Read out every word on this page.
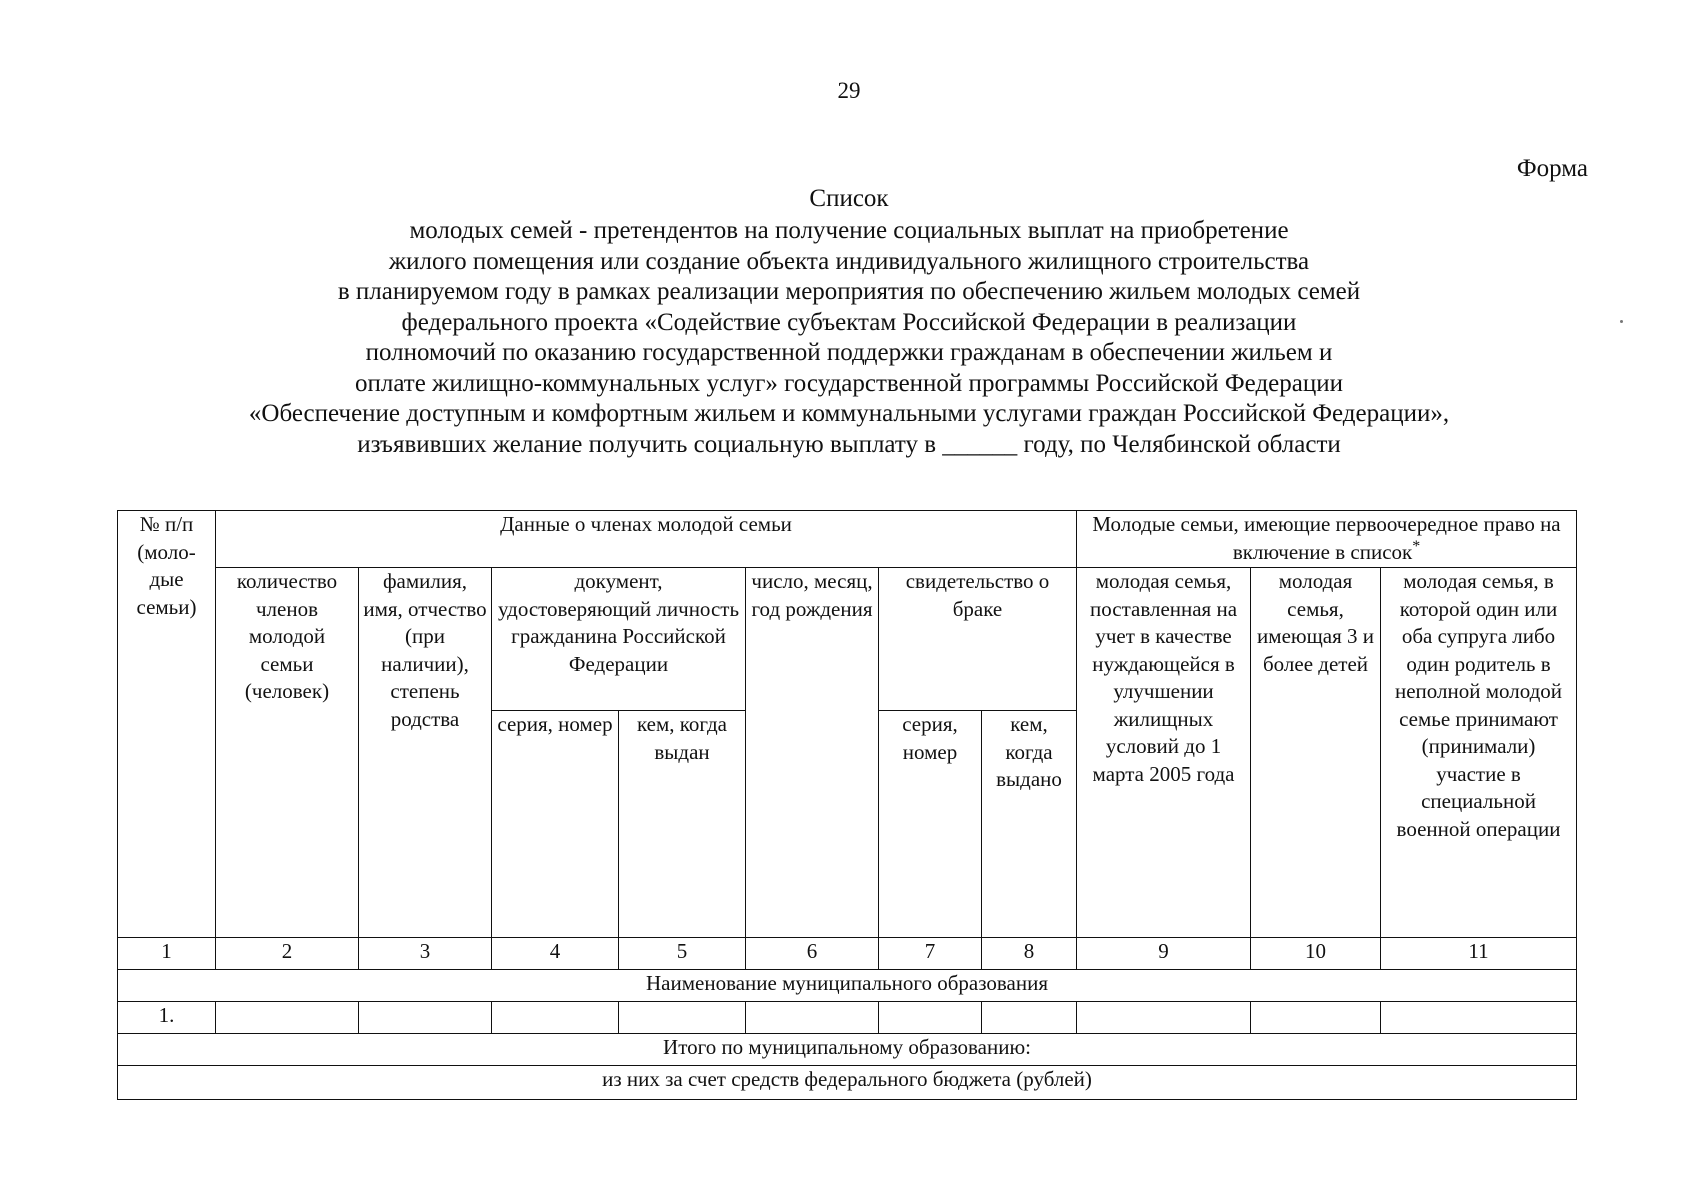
29
Форма
Список
молодых семей - претендентов на получение социальных выплат на приобретение
жилого помещения или создание объекта индивидуального жилищного строительства
в планируемом году в рамках реализации мероприятия по обеспечению жильем молодых семей
федерального проекта «Содействие субъектам Российской Федерации в реализации
полномочий по оказанию государственной поддержки гражданам в обеспечении жильем и
оплате жилищно-коммунальных услуг» государственной программы Российской Федерации
«Обеспечение доступным и комфортным жильем и коммунальными услугами граждан Российской Федерации»,
изъявивших желание получить социальную выплату в ______ году, по Челябинской области
№ п/п (моло-дые семьи)	Данные о членах молодой семьи							Молодые семьи, имеющие первоочередное право на включение в список*
	количество членов молодой семьи (человек)	фамилия, имя, отчество (при наличии), степень родства	документ, удостоверяющий личность гражданина Российской Федерации		число, месяц, год рождения	свидетельство о браке		молодая семья, поставленная на учет в качестве нуждающейся в улучшении жилищных условий до 1 марта 2005 года	молодая семья, имеющая 3 и более детей	молодая семья, в которой один или оба супруга либо один родитель в неполной молодой семье принимают (принимали) участие в специальной военной операции
			серия, номер	кем, когда выдан		серия, номер	кем, когда выдано			
1	2	3	4	5	6	7	8	9	10	11
Наименование муниципального образования										
1.										
Итого по муниципальному образованию:										
из них за счет средств федерального бюджета (рублей)										
